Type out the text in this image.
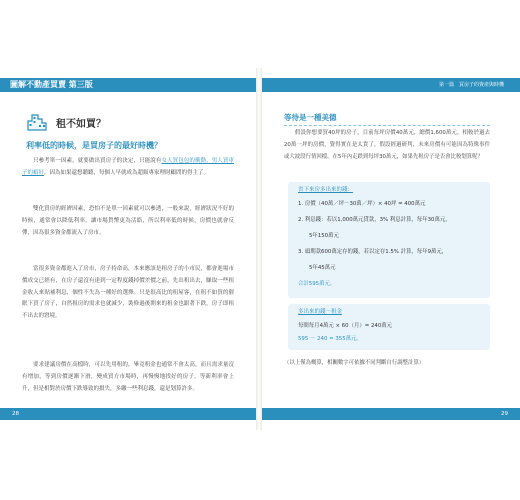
圖解不動產買賣 第三版
租不如買？
利率低的時候，是買房子的最好時機？

只參考單一因素，就要做出買房子的決定，只能說有女人買包包的衝動，男人買車子的癖好。因為如果還想聽聽，每個人早就成為超級專家理財顧問的得主了。

雙化買房的經濟因素，恐怕不是單一因素就可以參透，一般來說，經濟狀況不好的時候，通常會以降低利率，讓市場貨幣更為活絡，所以利率低的時候，房價也就會反彈，因為很多資金都流入了房市。

當很多資金都進入了房市，房子持命高，本來應該是租房子的小市民，都會進場市價成交已經有，在房子還沒有達到一定程度錢掉價差價之前，先出租出去，賺取一些租金收入來貼補利息，個性不失為一種好的選擇。只是很高比的租屋客，在租不如買的催眠下買了房子，自然租房的需求也就減少，裝修過後開來的租金也跟著下跌，房子即租不出去的窘境。

要求建議房價在高檔時，可以先用租的，畢竟租金也通常不會太高，而且需求量沒有增加，等到房價逐漸下滑，變成買方市場時，再慢慢地找好的房子，等新利率會上升，但是相對於房價下跌導致的損失，多繳一些利息錢，還是划算許多。

28
第一篇　買房子的資產與時機
等待是一種美德

假設你想要買40坪的房子，目前每坪房價40萬元，總價1,600萬元，相較於過去20萬一坪的房價，覺得實在是太貴了，假設經過研判，未來房價有可能因為特殊事件或大波段行情回檔，在5年內走跌到每坪30萬元，如果先租房子是否會比較划算呢？

省下來房多出來的錢：
1. 房價（40萬／坪－30萬／坪）× 40坪 = 400萬元
2. 利息錢：若以1,000萬元貸款，3% 利息計算，每年30萬元，
5年150萬元
3. 頭期款600萬定存的錢，若以定存1.5% 計算，每年9萬元，
5年45萬元
合計595萬元。
多出來的錢－租金
每間每月4萬元 × 60（月）= 240萬元
595 － 240 = 355萬元。
（以上僅為概算，相關數字可依據不同判斷自行調整計算）
29
